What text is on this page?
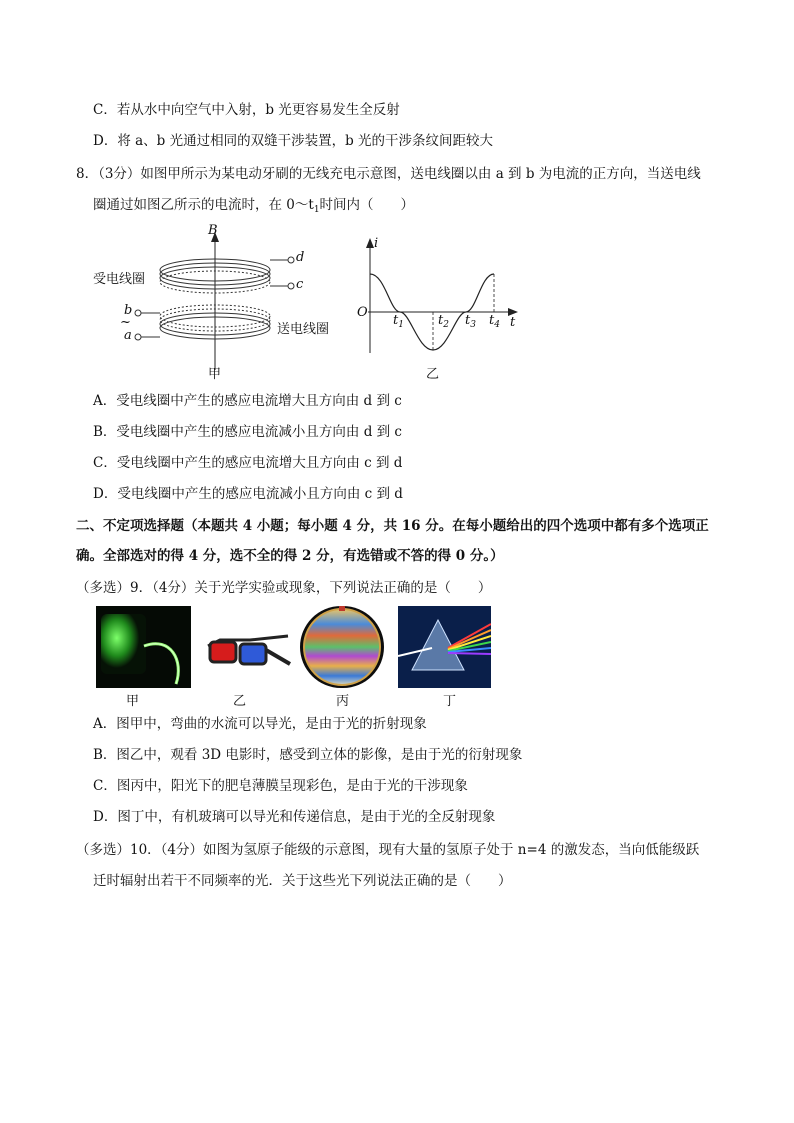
C．若从水中向空气中入射，b 光更容易发生全反射
D．将 a、b 光通过相同的双缝干涉装置，b 光的干涉条纹间距较大
8．（3分）如图甲所示为某电动牙刷的无线充电示意图，送电线圈以由 a 到 b 为电流的正方向，当送电线
圈通过如图乙所示的电流时，在 $0\sim t_1$时间内（　　）
B
受电线圈
送电线圈
d
c
b
~
a
甲
i
O
t
$t_1$	$t_2$ $t_3$ $t_4$
乙
A．受电线圈中产生的感应电流增大且方向由 d 到 c
B．受电线圈中产生的感应电流减小且方向由 d 到 c
C．受电线圈中产生的感应电流增大且方向由 c 到 d
D．受电线圈中产生的感应电流减小且方向由 c 到 d
二、不定项选择题（本题共 4 小题；每小题 4 分，共 16 分。在每小题给出的四个选项中都有多个选项正
确。全部选对的得 4 分，选不全的得 2 分，有选错或不答的得 0 分。）
（多选）9．（4分）关于光学实验或现象，下列说法正确的是（　　）
甲	乙	丙	丁
A．图甲中，弯曲的水流可以导光，是由于光的折射现象
B．图乙中，观看 3D 电影时，感受到立体的影像，是由于光的衍射现象
C．图丙中，阳光下的肥皂薄膜呈现彩色，是由于光的干涉现象
D．图丁中，有机玻璃可以导光和传递信息，是由于光的全反射现象
（多选）10．（4分）如图为氢原子能级的示意图，现有大量的氢原子处于 n=4 的激发态，当向低能级跃
迁时辐射出若干不同频率的光．关于这些光下列说法正确的是（　　）
